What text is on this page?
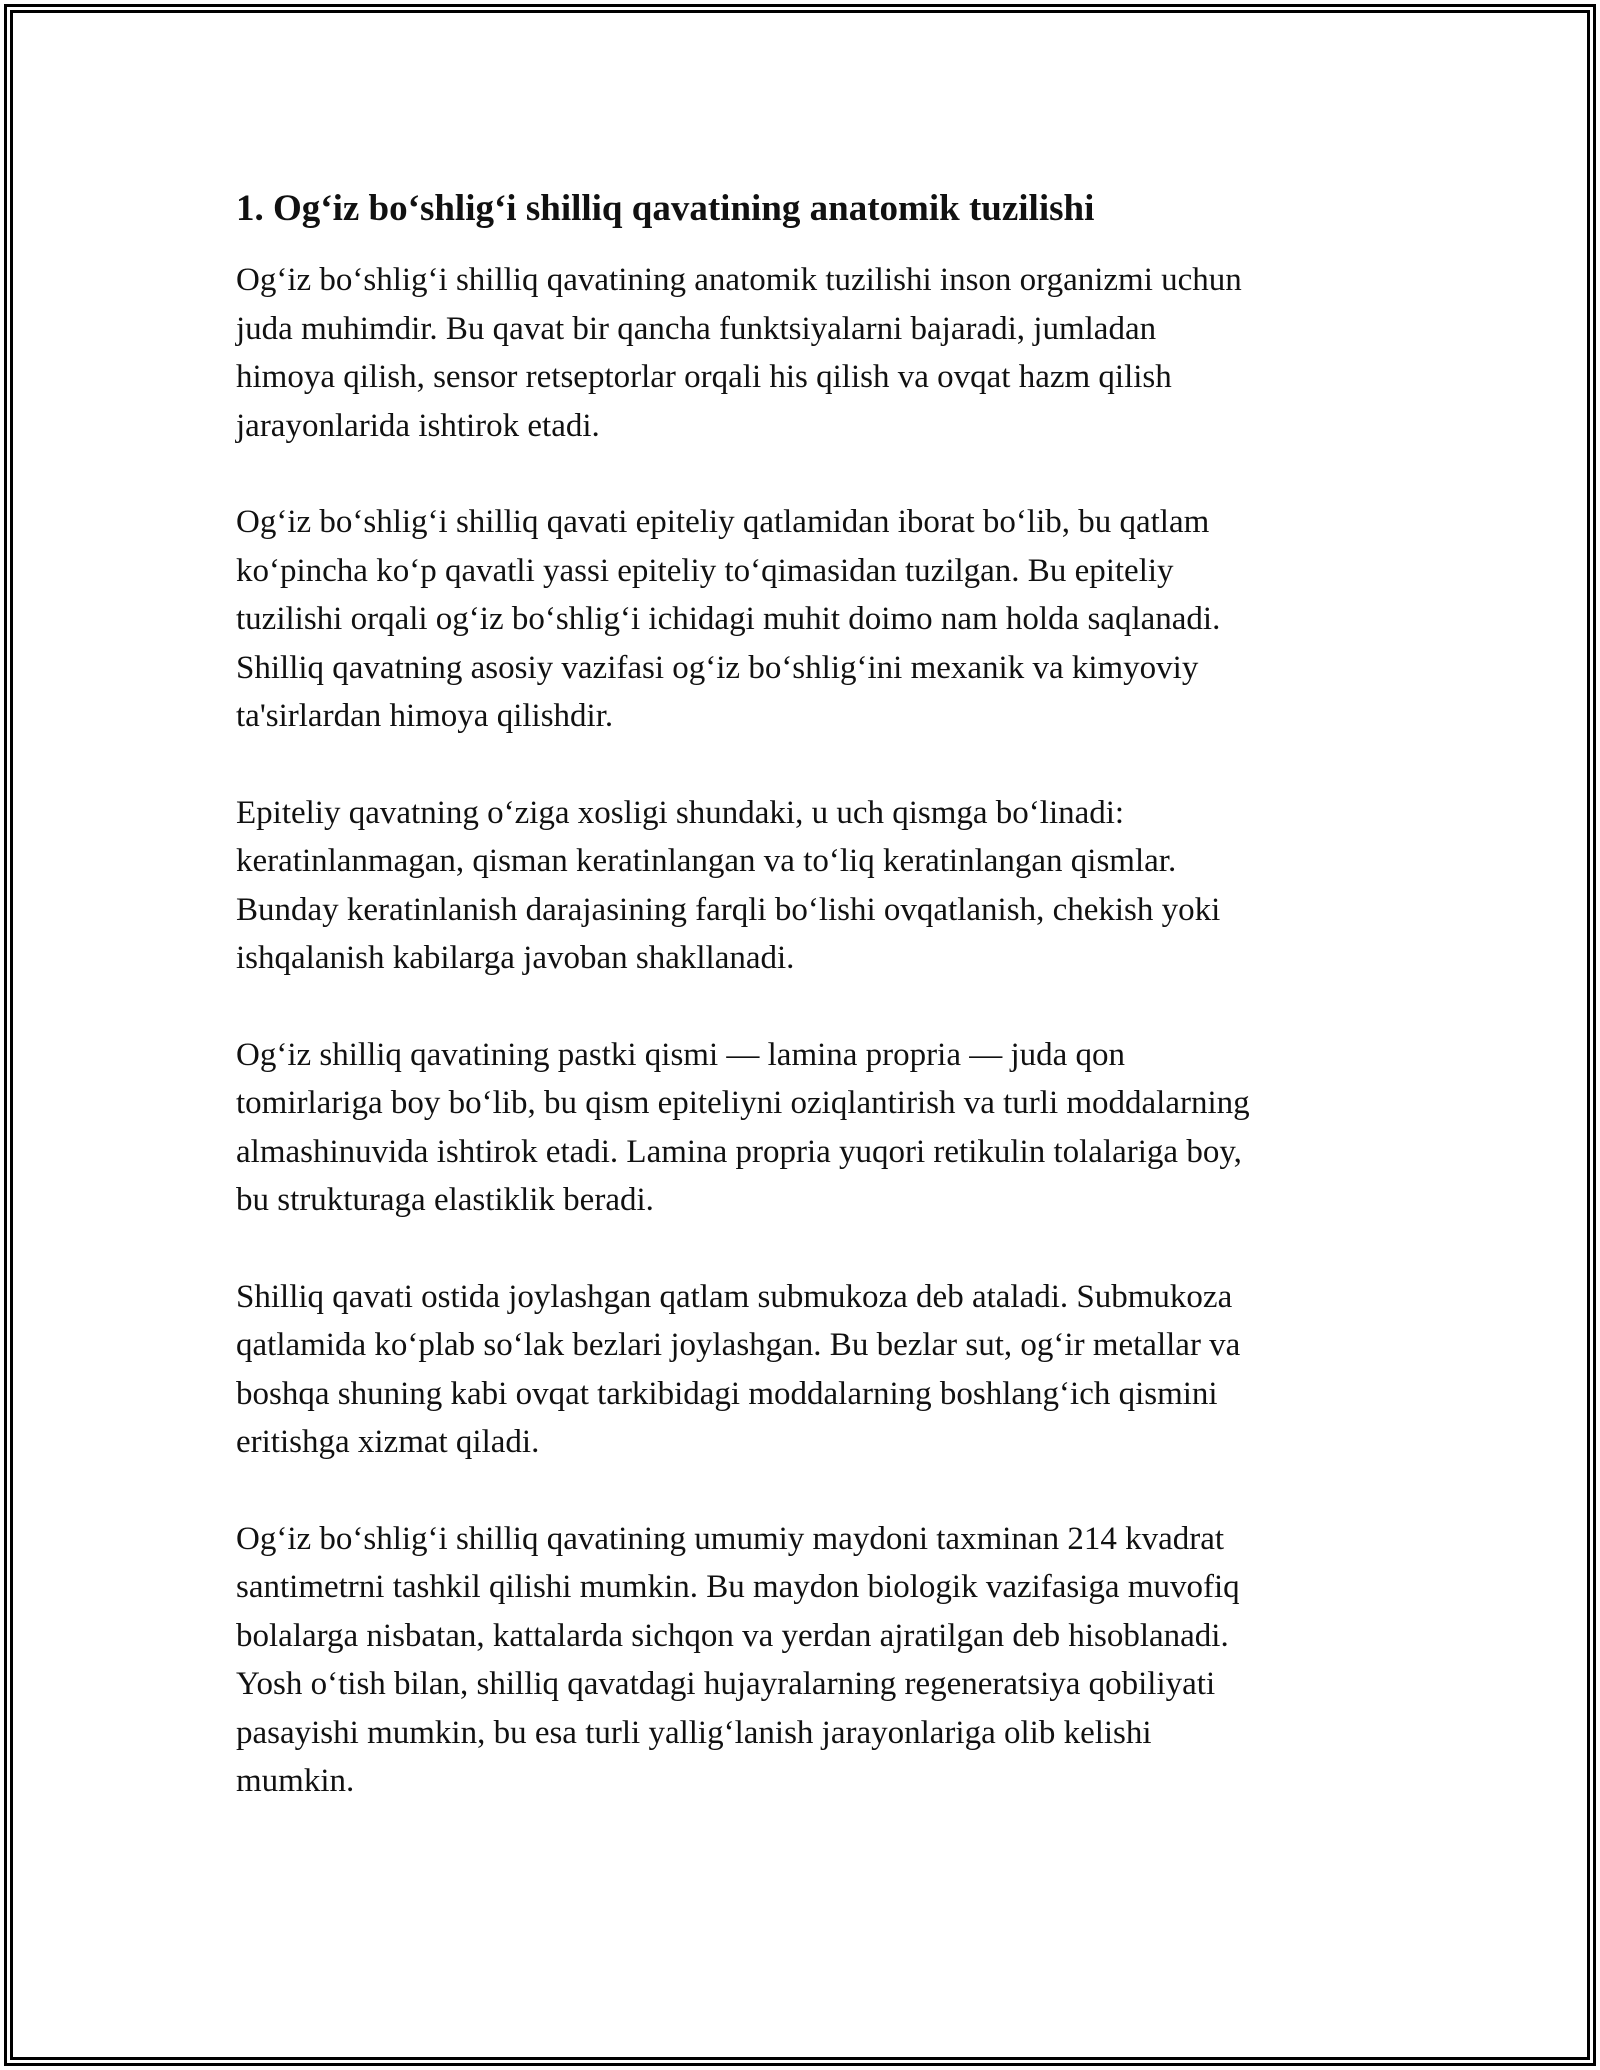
1. Og‘iz bo‘shlig‘i shilliq qavatining anatomik tuzilishi

Og‘iz bo‘shlig‘i shilliq qavatining anatomik tuzilishi inson organizmi uchun
juda muhimdir. Bu qavat bir qancha funktsiyalarni bajaradi, jumladan
himoya qilish, sensor retseptorlar orqali his qilish va ovqat hazm qilish
jarayonlarida ishtirok etadi.

Og‘iz bo‘shlig‘i shilliq qavati epiteliy qatlamidan iborat bo‘lib, bu qatlam
ko‘pincha ko‘p qavatli yassi epiteliy to‘qimasidan tuzilgan. Bu epiteliy
tuzilishi orqali og‘iz bo‘shlig‘i ichidagi muhit doimo nam holda saqlanadi.
Shilliq qavatning asosiy vazifasi og‘iz bo‘shlig‘ini mexanik va kimyoviy
ta'sirlardan himoya qilishdir.

Epiteliy qavatning o‘ziga xosligi shundaki, u uch qismga bo‘linadi:
keratinlanmagan, qisman keratinlangan va to‘liq keratinlangan qismlar.
Bunday keratinlanish darajasining farqli bo‘lishi ovqatlanish, chekish yoki
ishqalanish kabilarga javoban shakllanadi.

Og‘iz shilliq qavatining pastki qismi — lamina propria — juda qon
tomirlariga boy bo‘lib, bu qism epiteliyni oziqlantirish va turli moddalarning
almashinuvida ishtirok etadi. Lamina propria yuqori retikulin tolalariga boy,
bu strukturaga elastiklik beradi.

Shilliq qavati ostida joylashgan qatlam submukoza deb ataladi. Submukoza
qatlamida ko‘plab so‘lak bezlari joylashgan. Bu bezlar sut, og‘ir metallar va
boshqa shuning kabi ovqat tarkibidagi moddalarning boshlang‘ich qismini
eritishga xizmat qiladi.

Og‘iz bo‘shlig‘i shilliq qavatining umumiy maydoni taxminan 214 kvadrat
santimetrni tashkil qilishi mumkin. Bu maydon biologik vazifasiga muvofiq
bolalarga nisbatan, kattalarda sichqon va yerdan ajratilgan deb hisoblanadi.
Yosh o‘tish bilan, shilliq qavatdagi hujayralarning regeneratsiya qobiliyati
pasayishi mumkin, bu esa turli yallig‘lanish jarayonlariga olib kelishi
mumkin.
